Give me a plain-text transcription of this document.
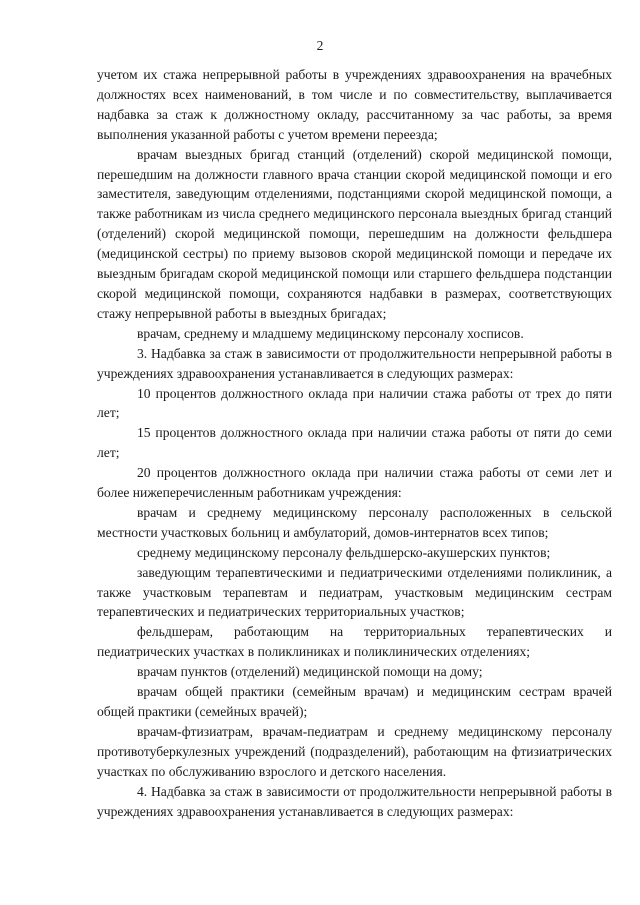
2

учетом их стажа непрерывной работы в учреждениях здравоохранения на врачебных должностях всех наименований, в том числе и по совместительству, выплачивается надбавка за стаж к должностному окладу, рассчитанному за час работы, за время выполнения указанной работы с учетом времени переезда;

врачам выездных бригад станций (отделений) скорой медицинской помощи, перешедшим на должности главного врача станции скорой медицинской помощи и его заместителя, заведующим отделениями, подстанциями скорой медицинской помощи, а также работникам из числа среднего медицинского персонала выездных бригад станций (отделений) скорой медицинской помощи, перешедшим на должности фельдшера (медицинской сестры) по приему вызовов скорой медицинской помощи и передаче их выездным бригадам скорой медицинской помощи или старшего фельдшера подстанции скорой медицинской помощи, сохраняются надбавки в размерах, соответствующих стажу непрерывной работы в выездных бригадах;

врачам, среднему и младшему медицинскому персоналу хосписов.

3. Надбавка за стаж в зависимости от продолжительности непрерывной работы в учреждениях здравоохранения устанавливается в следующих размерах:

10 процентов должностного оклада при наличии стажа работы от трех до пяти лет;

15 процентов должностного оклада при наличии стажа работы от пяти до семи лет;

20 процентов должностного оклада при наличии стажа работы от семи лет и более нижеперечисленным работникам учреждения:

врачам и среднему медицинскому персоналу расположенных в сельской местности участковых больниц и амбулаторий, домов-интернатов всех типов;

среднему медицинскому персоналу фельдшерско-акушерских пунктов;

заведующим терапевтическими и педиатрическими отделениями поликлиник, а также участковым терапевтам и педиатрам, участковым медицинским сестрам терапевтических и педиатрических территориальных участков;

фельдшерам, работающим на территориальных терапевтических и педиатрических участках в поликлиниках и поликлинических отделениях;

врачам пунктов (отделений) медицинской помощи на дому;

врачам общей практики (семейным врачам) и медицинским сестрам врачей общей практики (семейных врачей);

врачам-фтизиатрам, врачам-педиатрам и среднему медицинскому персоналу противотуберкулезных учреждений (подразделений), работающим на фтизиатрических участках по обслуживанию взрослого и детского населения.

4. Надбавка за стаж в зависимости от продолжительности непрерывной работы в учреждениях здравоохранения устанавливается в следующих размерах:
